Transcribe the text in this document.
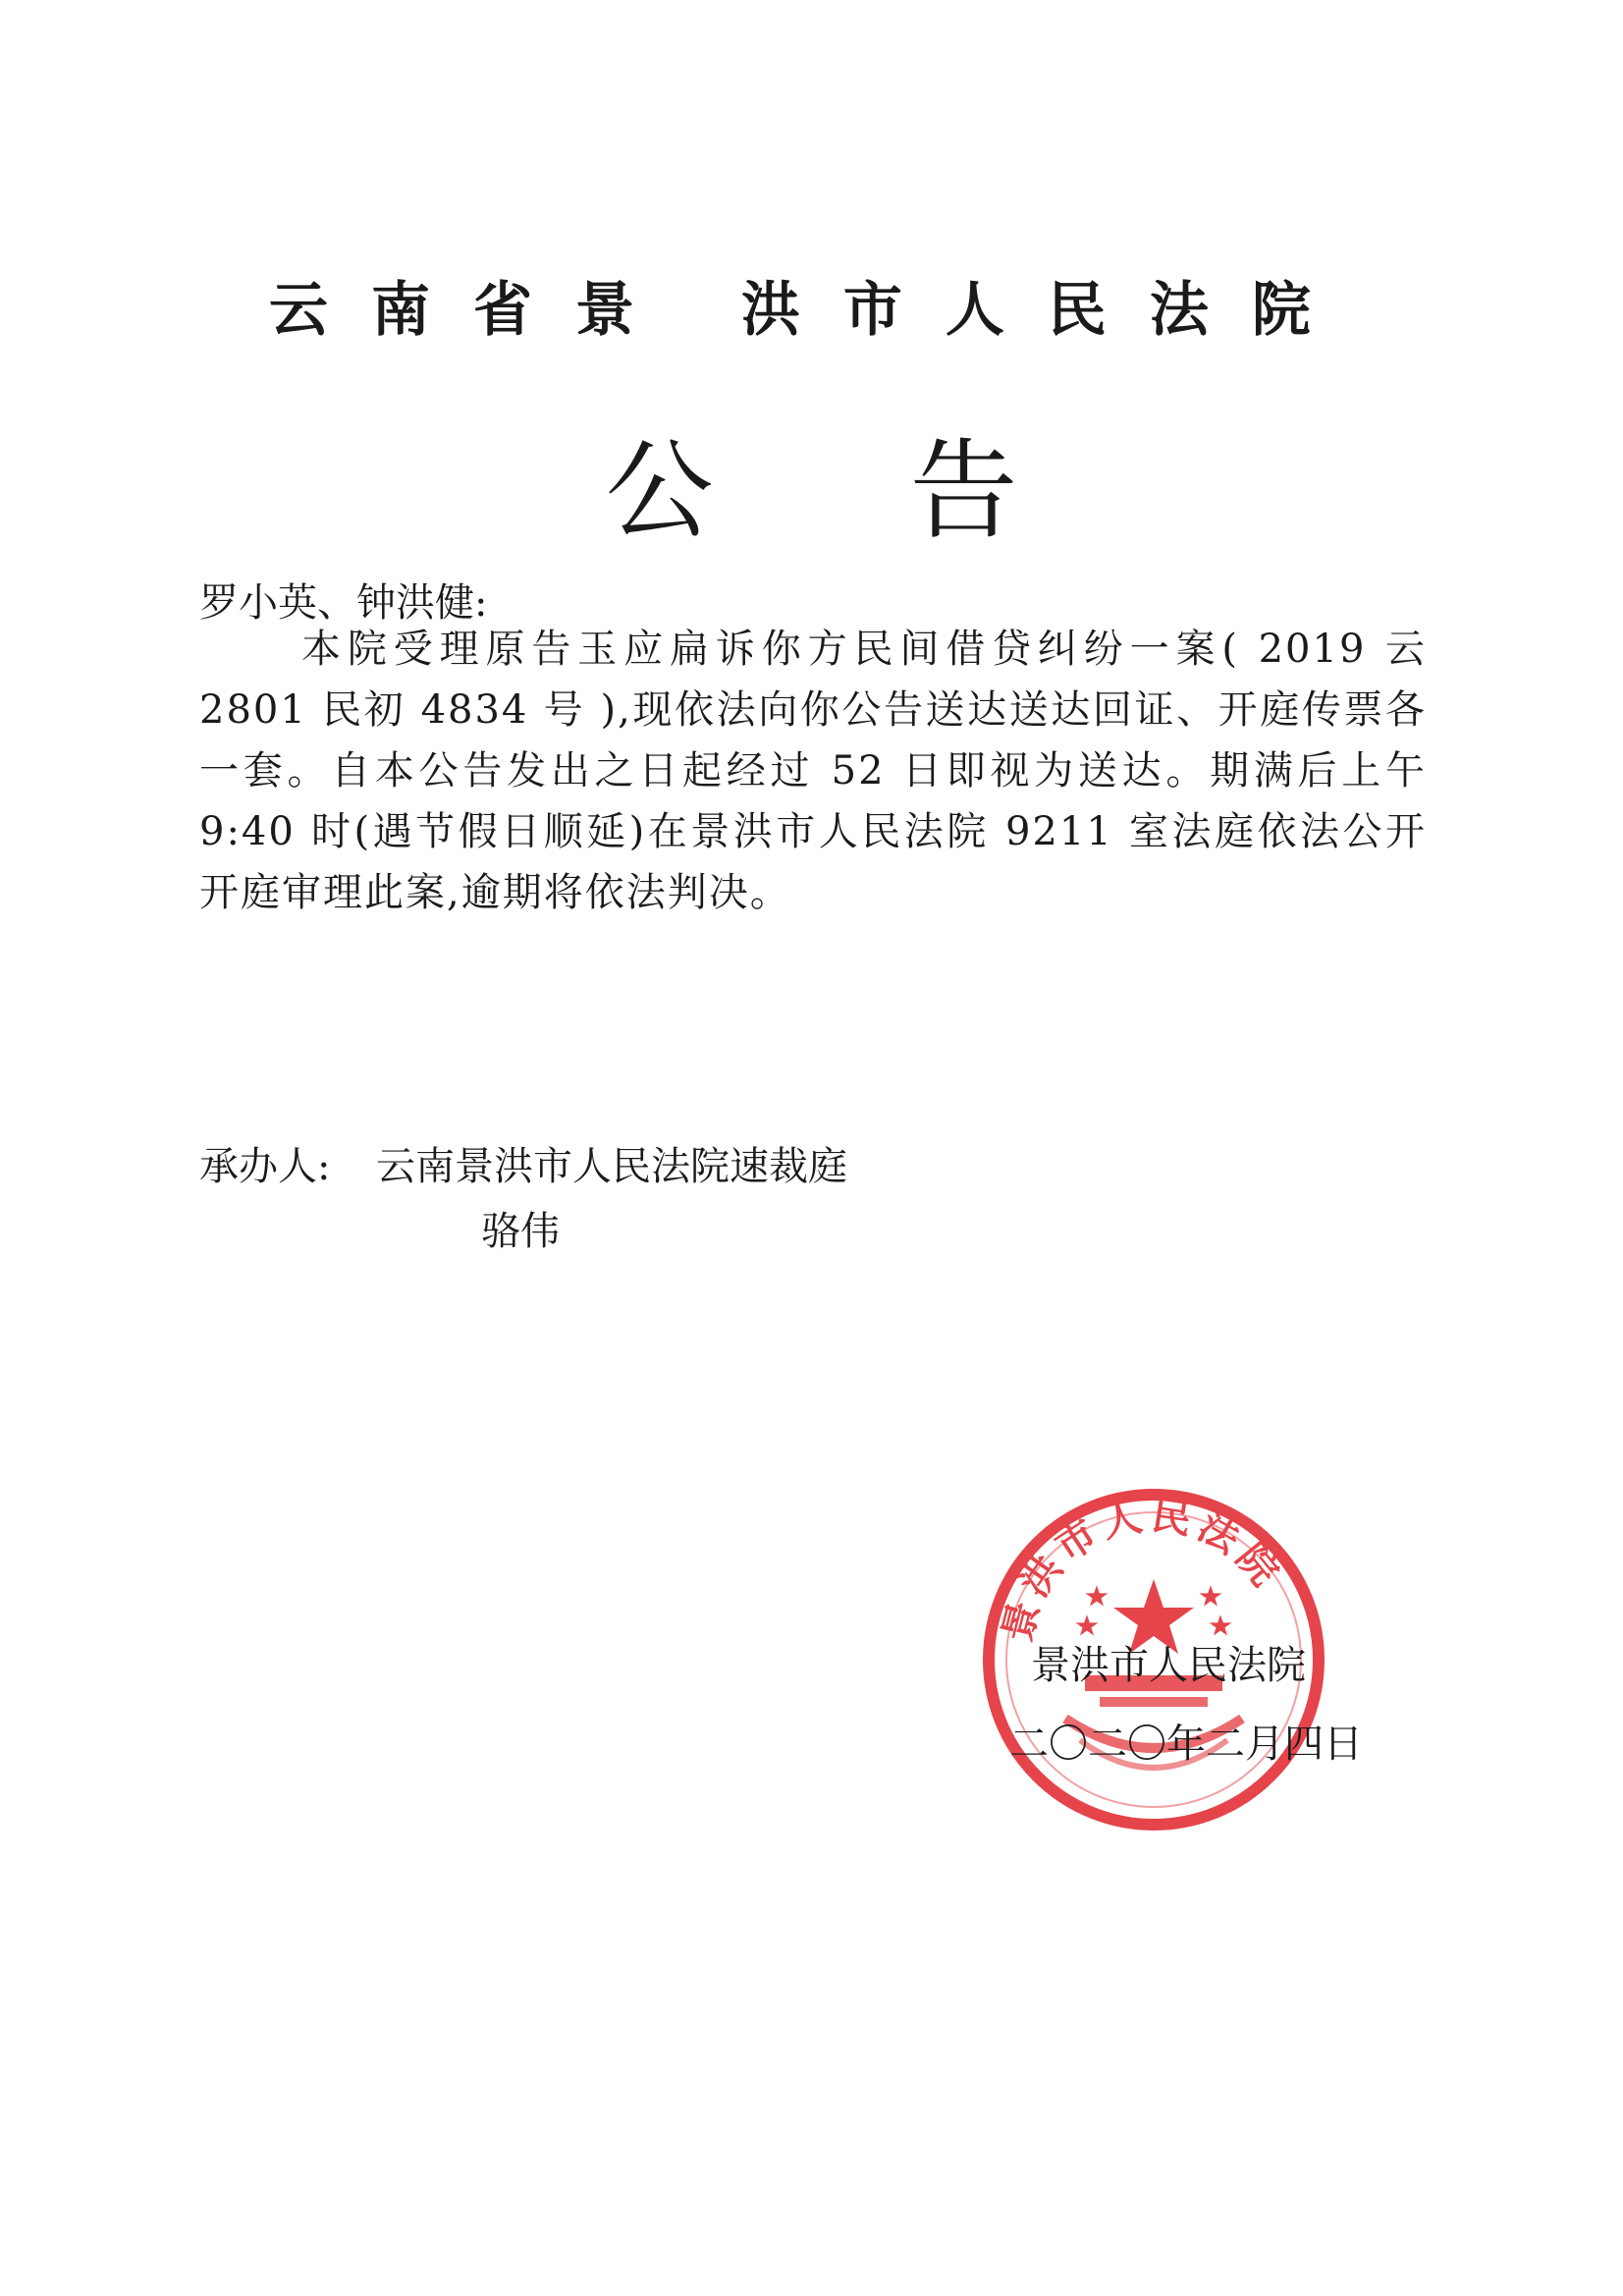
云南省景 洪市人民法院
公告
罗小英、钟洪健:
本院受理原告玉应扁诉你方民间借贷纠纷一案( 2019 云 2801 民初 4834 号 ),现依法向你公告送达送达回证、开庭传票各一套。自本公告发出之日起经过 52 日即视为送达。期满后上午 9:40 时(遇节假日顺延)在景洪市人民法院 9211 室法庭依法公开开庭审理此案,逾期将依法判决。
承办人: 云南景洪市人民法院速裁庭
骆伟
景洪市人民法院
景洪市人民法院
二〇二〇年二月四日
